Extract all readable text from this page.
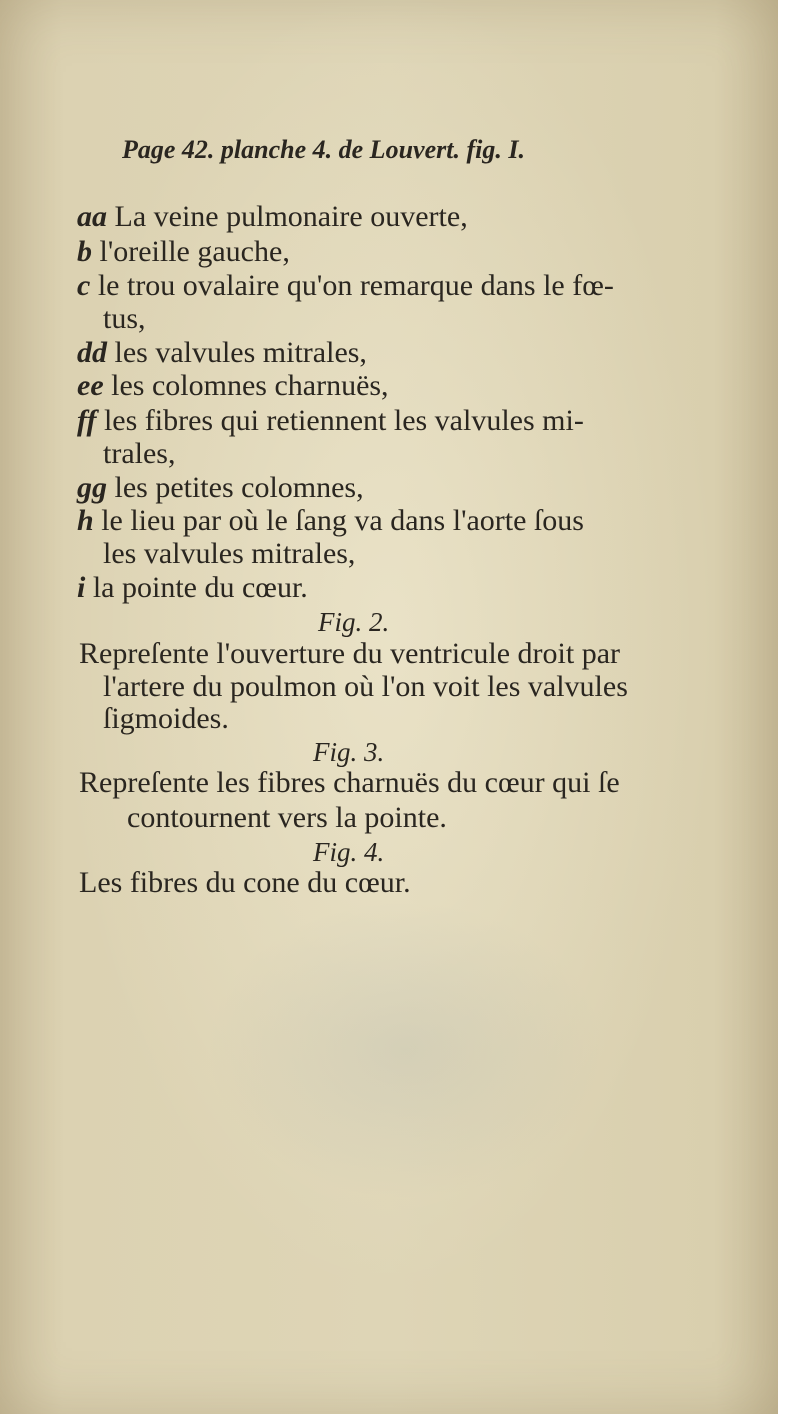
Page 42. planche 4. de Louvert. fig. I.
aa La veine pulmonaire ouverte,
b l'oreille gauche,
c le trou ovalaire qu'on remarque dans le fœ-
tus,
dd les valvules mitrales,
ee les colomnes charnuës,
ff les fibres qui retiennent les valvules mi-
trales,
gg les petites colomnes,
h le lieu par où le ſang va dans l'aorte ſous
les valvules mitrales,
i la pointe du cœur.
Fig. 2.
Repreſente l'ouverture du ventricule droit par
l'artere du poulmon où l'on voit les valvules
ſigmoides.
Fig. 3.
Repreſente les fibres charnuës du cœur qui ſe
contournent vers la pointe.
Fig. 4.
Les fibres du cone du cœur.
